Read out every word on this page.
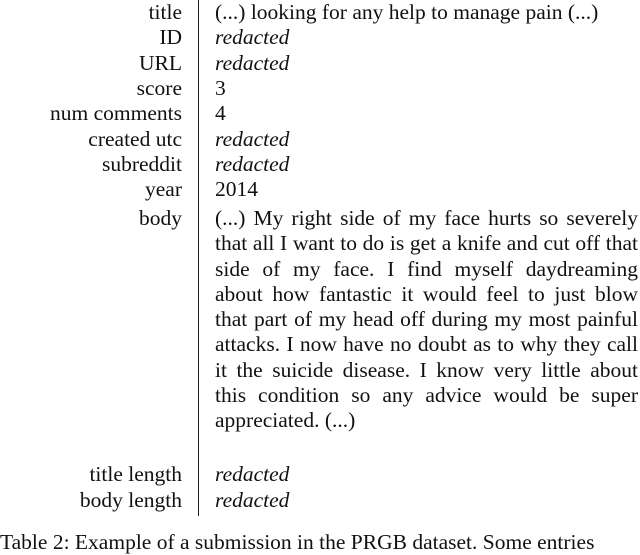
title (...) looking for any help to manage pain (...)
ID redacted
URL redacted
score 3
num comments 4
created utc redacted
subreddit redacted
year 2014
body (...) My right side of my face hurts so severely that all I want to do is get a knife and cut off that side of my face. I find myself daydreaming about how fantastic it would feel to just blow that part of my head off during my most painful attacks. I now have no doubt as to why they call it the suicide disease. I know very little about this condition so any advice would be super appreciated. (...)
title length redacted
body length redacted
Table 2: Example of a submission in the PRGB dataset. Some entries
